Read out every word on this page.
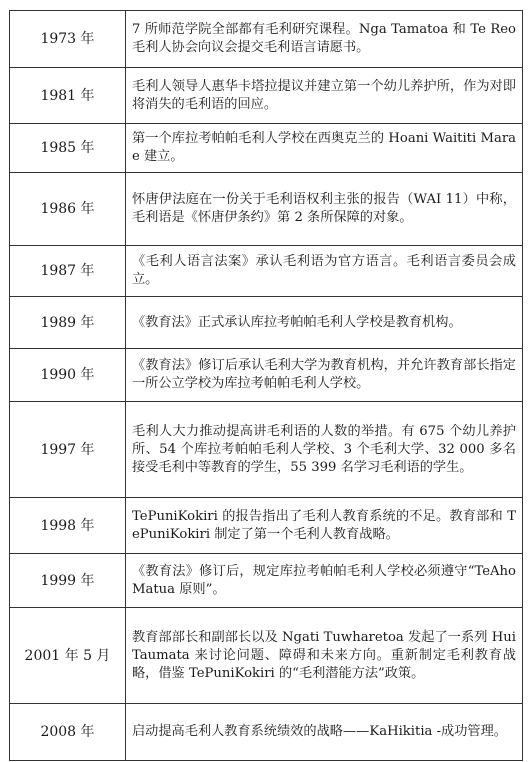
1973 年	7 所师范学院全部都有毛利研究课程。Nga Tamatoa 和 Te Reo 毛利人协会向议会提交毛利语言请愿书。
1981 年	毛利人领导人惠华卡塔拉提议并建立第一个幼儿养护所，作为对即将消失的毛利语的回应。
1985 年	第一个库拉考帕帕毛利人学校在西奥克兰的 Hoani Waititi Marae 建立。
1986 年	怀唐伊法庭在一份关于毛利语权利主张的报告（WAI 11）中称，毛利语是《怀唐伊条约》第 2 条所保障的对象。
1987 年	《毛利人语言法案》承认毛利语为官方语言。毛利语言委员会成立。
1989 年	《教育法》正式承认库拉考帕帕毛利人学校是教育机构。
1990 年	《教育法》修订后承认毛利大学为教育机构，并允许教育部长指定一所公立学校为库拉考帕帕毛利人学校。
1997 年	毛利人大力推动提高讲毛利语的人数的举措。有 675 个幼儿养护所、54 个库拉考帕帕毛利人学校、3 个毛利大学、32 000 多名接受毛利中等教育的学生，55 399 名学习毛利语的学生。
1998 年	TePuniKokiri 的报告指出了毛利人教育系统的不足。教育部和 TePuniKokiri 制定了第一个毛利人教育战略。
1999 年	《教育法》修订后，规定库拉考帕帕毛利人学校必须遵守“TeAho Matua 原则”。
2001 年 5 月	教育部部长和副部长以及 Ngati Tuwharetoa 发起了一系列 Hui Taumata 来讨论问题、障碍和未来方向。重新制定毛利教育战略，借鉴 TePuniKokiri 的“毛利潜能方法”政策。
2008 年	启动提高毛利人教育系统绩效的战略——KaHikitia -成功管理。
